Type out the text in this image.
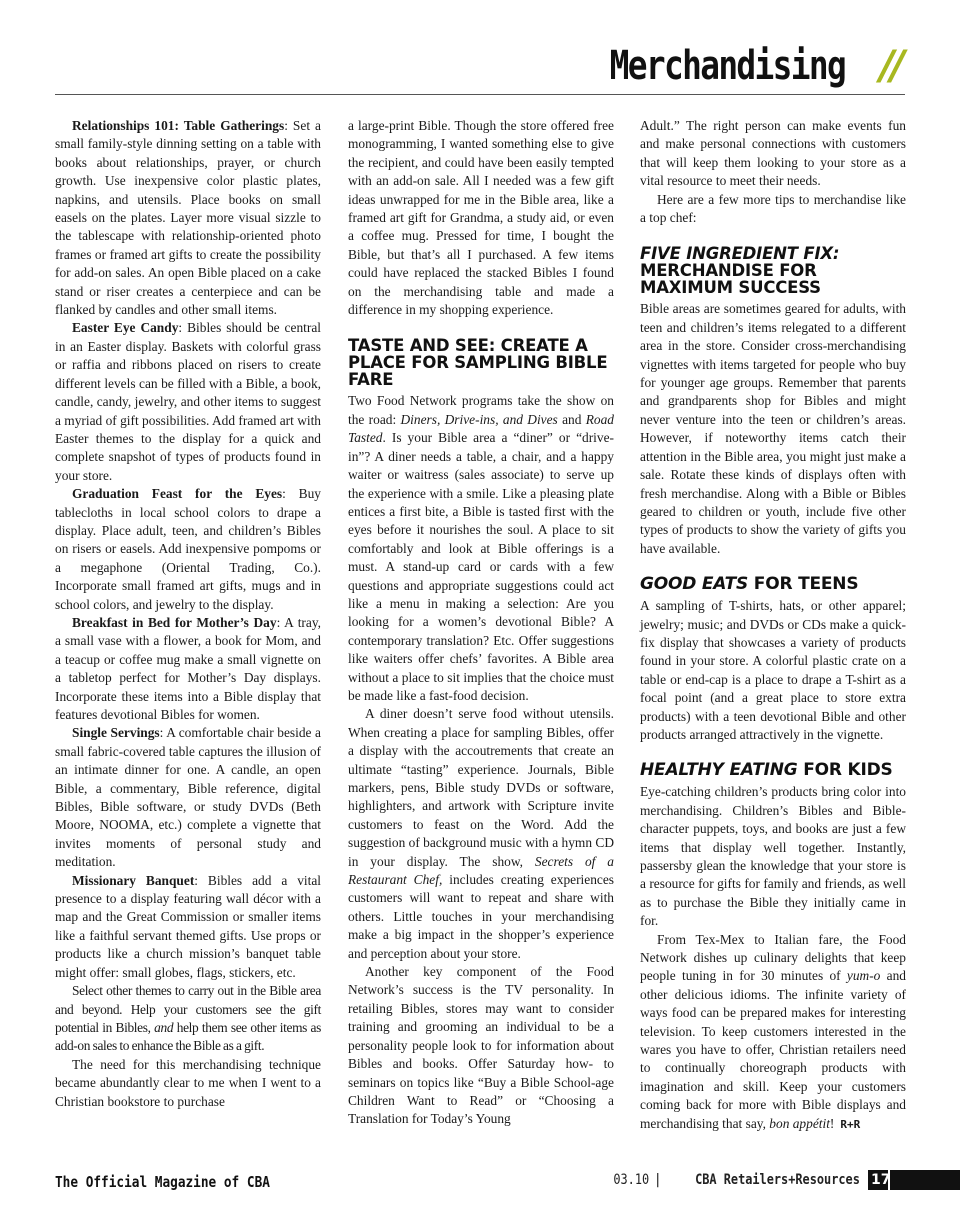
Merchandising //

Relationships 101: Table Gatherings: Set a small family-style dinning setting on a table with books about relationships, prayer, or church growth. Use inexpensive color plastic plates, napkins, and utensils. Place books on small easels on the plates. Layer more visual sizzle to the tablescape with relationship-oriented photo frames or framed art gifts to create the possibility for add-on sales. An open Bible placed on a cake stand or riser creates a centerpiece and can be flanked by candles and other small items.

Easter Eye Candy: Bibles should be central in an Easter display. Baskets with colorful grass or raffia and ribbons placed on risers to create different levels can be filled with a Bible, a book, candle, candy, jewelry, and other items to suggest a myriad of gift possibilities. Add framed art with Easter themes to the display for a quick and complete snapshot of types of products found in your store.

Graduation Feast for the Eyes: Buy tablecloths in local school colors to drape a display. Place adult, teen, and children’s Bibles on risers or easels. Add inexpensive pompoms or a megaphone (Oriental Trading, Co.). Incorporate small framed art gifts, mugs and in school colors, and jewelry to the display.

Breakfast in Bed for Mother’s Day: A tray, a small vase with a flower, a book for Mom, and a teacup or coffee mug make a small vignette on a tabletop perfect for Mother’s Day displays. Incorporate these items into a Bible display that features devotional Bibles for women.

Single Servings: A comfortable chair beside a small fabric-covered table captures the illusion of an intimate dinner for one. A candle, an open Bible, a commentary, Bible reference, digital Bibles, Bible software, or study DVDs (Beth Moore, NOOMA, etc.) complete a vignette that invites moments of personal study and meditation.

Missionary Banquet: Bibles add a vital presence to a display featuring wall décor with a map and the Great Commission or smaller items like a faithful servant themed gifts. Use props or products like a church mission’s banquet table might offer: small globes, flags, stickers, etc.

Select other themes to carry out in the Bible area and beyond. Help your customers see the gift potential in Bibles, and help them see other items as add-on sales to enhance the Bible as a gift.

The need for this merchandising technique became abundantly clear to me when I went to a Christian bookstore to purchase

a large-print Bible. Though the store offered free monogramming, I wanted something else to give the recipient, and could have been easily tempted with an add-on sale. All I needed was a few gift ideas unwrapped for me in the Bible area, like a framed art gift for Grandma, a study aid, or even a coffee mug. Pressed for time, I bought the Bible, but that’s all I purchased. A few items could have replaced the stacked Bibles I found on the merchandising table and made a difference in my shopping experience.

TASTE AND SEE: CREATE A PLACE FOR SAMPLING BIBLE FARE

Two Food Network programs take the show on the road: Diners, Drive-ins, and Dives and Road Tasted. Is your Bible area a “diner” or “drive-in”? A diner needs a table, a chair, and a happy waiter or waitress (sales associate) to serve up the experience with a smile. Like a pleasing plate entices a first bite, a Bible is tasted first with the eyes before it nourishes the soul. A place to sit comfortably and look at Bible offerings is a must. A stand-up card or cards with a few questions and appropriate suggestions could act like a menu in making a selection: Are you looking for a women’s devotional Bible? A contemporary translation? Etc. Offer suggestions like waiters offer chefs’ favorites. A Bible area without a place to sit implies that the choice must be made like a fast-food decision.

A diner doesn’t serve food without utensils. When creating a place for sampling Bibles, offer a display with the accoutrements that create an ultimate “tasting” experience. Journals, Bible markers, pens, Bible study DVDs or software, highlighters, and artwork with Scripture invite customers to feast on the Word. Add the suggestion of background music with a hymn CD in your display. The show, Secrets of a Restaurant Chef, includes creating experiences customers will want to repeat and share with others. Little touches in your merchandising make a big impact in the shopper’s experience and perception about your store.

Another key component of the Food Network’s success is the TV personality. In retailing Bibles, stores may want to consider training and grooming an individual to be a personality people look to for information about Bibles and books. Offer Saturday how- to seminars on topics like “Buy a Bible School-age Children Want to Read” or “Choosing a Translation for Today’s Young

Adult.” The right person can make events fun and make personal connections with customers that will keep them looking to your store as a vital resource to meet their needs.

Here are a few more tips to merchandise like a top chef:

FIVE INGREDIENT FIX:
MERCHANDISE FOR MAXIMUM SUCCESS

Bible areas are sometimes geared for adults, with teen and children’s items relegated to a different area in the store. Consider cross-merchandising vignettes with items targeted for people who buy for younger age groups. Remember that parents and grandparents shop for Bibles and might never venture into the teen or children’s areas. However, if noteworthy items catch their attention in the Bible area, you might just make a sale. Rotate these kinds of displays often with fresh merchandise. Along with a Bible or Bibles geared to children or youth, include five other types of products to show the variety of gifts you have available.

GOOD EATS FOR TEENS

A sampling of T-shirts, hats, or other apparel; jewelry; music; and DVDs or CDs make a quick-fix display that showcases a variety of products found in your store. A colorful plastic crate on a table or end-cap is a place to drape a T-shirt as a focal point (and a great place to store extra products) with a teen devotional Bible and other products arranged attractively in the vignette.

HEALTHY EATING FOR KIDS

Eye-catching children’s products bring color into merchandising. Children’s Bibles and Bible-character puppets, toys, and books are just a few items that display well together. Instantly, passersby glean the knowledge that your store is a resource for gifts for family and friends, as well as to purchase the Bible they initially came in for.

From Tex-Mex to Italian fare, the Food Network dishes up culinary delights that keep people tuning in for 30 minutes of yum-o and other delicious idioms. The infinite variety of ways food can be prepared makes for interesting television. To keep customers interested in the wares you have to offer, Christian retailers need to continually choreograph products with imagination and skill. Keep your customers coming back for more with Bible displays and merchandising that say, bon appétit! R+R

The Official Magazine of CBA	03.10 |	CBA Retailers+Resources 17
